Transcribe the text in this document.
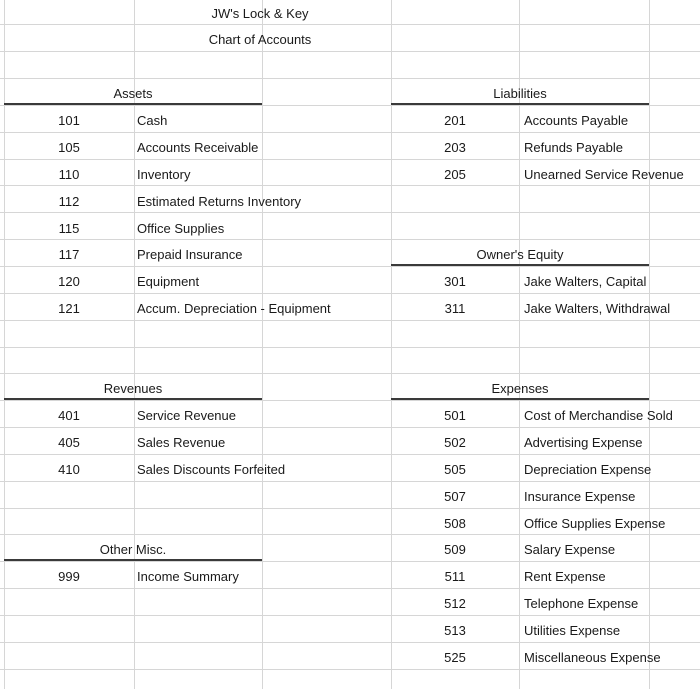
JW's Lock & Key
Chart of Accounts
Assets	Liabilities
Owner's Equity
Revenues	Expenses
Other Misc.
101	Cash
105	Accounts Receivable
110	Inventory
112	Estimated Returns Inventory
115	Office Supplies
117	Prepaid Insurance
120	Equipment
121	Accum. Depreciation - Equipment
201	Accounts Payable
203	Refunds Payable
205	Unearned Service Revenue
301	Jake Walters, Capital
311	Jake Walters, Withdrawal
401	Service Revenue
405	Sales Revenue
410	Sales Discounts Forfeited
501	Cost of Merchandise Sold
502	Advertising Expense
505	Depreciation Expense
507	Insurance Expense
508	Office Supplies Expense
509	Salary Expense
511	Rent Expense
512	Telephone Expense
513	Utilities Expense
525	Miscellaneous Expense
999	Income Summary
